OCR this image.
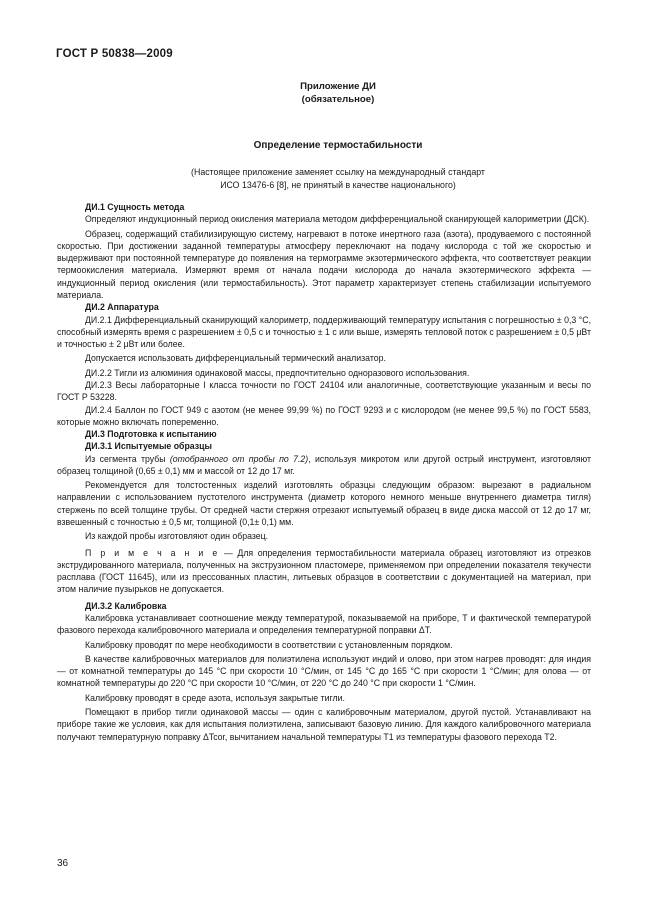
ГОСТ Р 50838—2009
Приложение ДИ
(обязательное)
Определение термостабильности
(Настоящее приложение заменяет ссылку на международный стандарт
ИСО 13476-6 [8], не принятый в качестве национального)

ДИ.1 Сущность метода

Определяют индукционный период окисления материала методом дифференциальной сканирующей калориметрии (ДСК).

Образец, содержащий стабилизирующую систему, нагревают в потоке инертного газа (азота), продуваемого с постоянной скоростью. При достижении заданной температуры атмосферу переключают на подачу кислорода с той же скоростью и выдерживают при постоянной температуре до появления на термограмме экзотермического эффекта, что соответствует реакции термоокисления материала. Измеряют время от начала подачи кислорода до начала экзотермического эффекта — индукционный период окисления (или термостабильность). Этот параметр характеризует степень стабилизации испытуемого материала.

ДИ.2 Аппаратура

ДИ.2.1 Дифференциальный сканирующий калориметр, поддерживающий температуру испытания с погрешностью ± 0,3 °С, способный измерять время с разрешением ± 0,5 с и точностью ± 1 с или выше, измерять тепловой поток с разрешением ± 0,5 μВт и точностью ± 2 μВт или более.

Допускается использовать дифференциальный термический анализатор.

ДИ.2.2 Тигли из алюминия одинаковой массы, предпочтительно одноразового использования.

ДИ.2.3 Весы лабораторные I класса точности по ГОСТ 24104 или аналогичные, соответствующие указанным и весы по ГОСТ Р 53228.

ДИ.2.4 Баллон по ГОСТ 949 с азотом (не менее 99,99 %) по ГОСТ 9293 и с кислородом (не менее 99,5 %) по ГОСТ 5583, которые можно включать попеременно.

ДИ.3 Подготовка к испытанию

ДИ.3.1 Испытуемые образцы

Из сегмента трубы (отобранного от пробы по 7.2), используя микротом или другой острый инструмент, изготовляют образец толщиной (0,65 ± 0,1) мм и массой от 12 до 17 мг.

Рекомендуется для толстостенных изделий изготовлять образцы следующим образом: вырезают в радиальном направлении с использованием пустотелого инструмента (диаметр которого немного меньше внутреннего диаметра тигля) стержень по всей толщине трубы. От средней части стержня отрезают испытуемый образец в виде диска массой от 12 до 17 мг, взвешенный с точностью ± 0,5 мг, толщиной (0,1± 0,1) мм.

Из каждой пробы изготовляют один образец.

П р и м е ч а н и е — Для определения термостабильности материала образец изготовляют из отрезков экструдированного материала, полученных на экструзионном пластомере, применяемом при определении показателя текучести расплава (ГОСТ 11645), или из прессованных пластин, литьевых образцов в соответствии с документацией на материал, при этом наличие пузырьков не допускается.

ДИ.3.2 Калибровка

Калибровка устанавливает соотношение между температурой, показываемой на приборе, T и фактической температурой фазового перехода калибровочного материала и определения температурной поправки ΔT.

Калибровку проводят по мере необходимости в соответствии с установленным порядком.

В качестве калибровочных материалов для полиэтилена используют индий и олово, при этом нагрев проводят: для индия — от комнатной температуры до 145 °С при скорости 10 °С/мин, от 145 °С до 165 °С при скорости 1 °С/мин; для олова — от комнатной температуры до 220 °С при скорости 10 °С/мин, от 220 °С до 240 °С при скорости 1 °С/мин.

Калибровку проводят в среде азота, используя закрытые тигли.

Помещают в прибор тигли одинаковой массы — один с калибровочным материалом, другой пустой. Устанавливают на приборе такие же условия, как для испытания полиэтилена, записывают базовую линию. Для каждого калибровочного материала получают температурную поправку ΔTcor, вычитанием начальной температуры T1 из температуры фазового перехода T2.

36
